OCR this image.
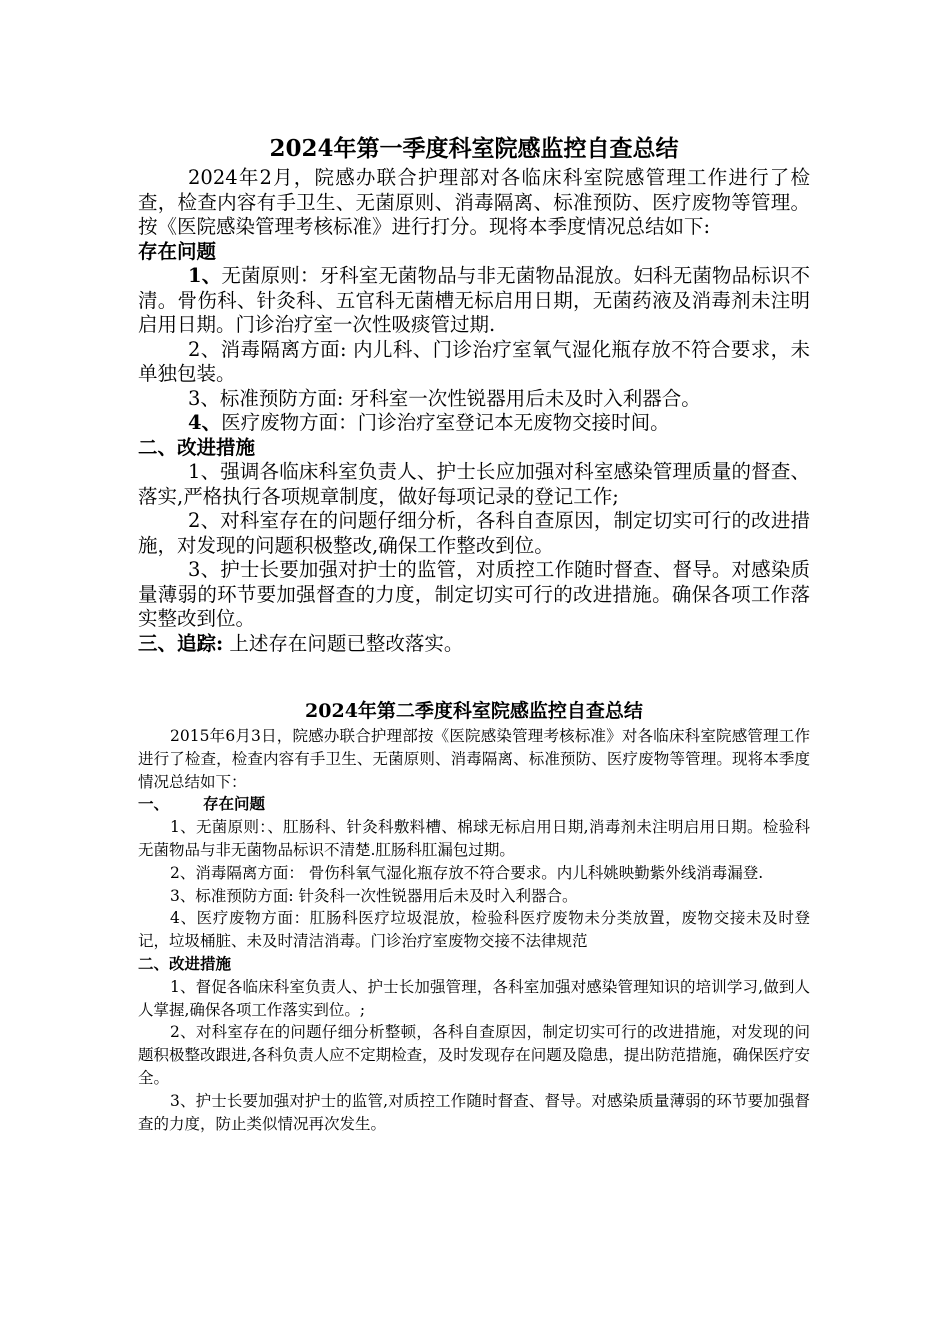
2024年第一季度科室院感监控自查总结

2024年2月，院感办联合护理部对各临床科室院感管理工作进行了检查，检查内容有手卫生、无菌原则、消毒隔离、标准预防、医疗废物等管理。按《医院感染管理考核标准》进行打分。现将本季度情况总结如下:

存在问题

1、无菌原则：牙科室无菌物品与非无菌物品混放。妇科无菌物品标识不清。骨伤科、针灸科、五官科无菌槽无标启用日期，无菌药液及消毒剂未注明启用日期。门诊治疗室一次性吸痰管过期.

2、消毒隔离方面: 内儿科、门诊治疗室氧气湿化瓶存放不符合要求，未单独包装。

3、标准预防方面: 牙科室一次性锐器用后未及时入利器合。

4、医疗废物方面：门诊治疗室登记本无废物交接时间。

二、改进措施

1、强调各临床科室负责人、护士长应加强对科室感染管理质量的督查、落实,严格执行各项规章制度，做好每项记录的登记工作;

2、对科室存在的问题仔细分析，各科自查原因，制定切实可行的改进措施，对发现的问题积极整改,确保工作整改到位。

3、护士长要加强对护士的监管，对质控工作随时督查、督导。对感染质量薄弱的环节要加强督查的力度，制定切实可行的改进措施。确保各项工作落实整改到位。

三、追踪: 上述存在问题已整改落实。

2024年第二季度科室院感监控自查总结

2015年6月3日，院感办联合护理部按《医院感染管理考核标准》对各临床科室院感管理工作进行了检查，检查内容有手卫生、无菌原则、消毒隔离、标准预防、医疗废物等管理。现将本季度情况总结如下：

一、 存在问题

1、无菌原则：、肛肠科、针灸科敷料槽、棉球无标启用日期,消毒剂未注明启用日期。检验科无菌物品与非无菌物品标识不清楚.肛肠科肛漏包过期。

2、消毒隔离方面： 骨伤科氧气湿化瓶存放不符合要求。内儿科姚映勤紫外线消毒漏登.

3、标准预防方面: 针灸科一次性锐器用后未及时入利器合。

4、医疗废物方面：肛肠科医疗垃圾混放，检验科医疗废物未分类放置，废物交接未及时登记，垃圾桶脏、未及时清洁消毒。门诊治疗室废物交接不法律规范

二、改进措施

1、督促各临床科室负责人、护士长加强管理，各科室加强对感染管理知识的培训学习,做到人人掌握,确保各项工作落实到位。;

2、对科室存在的问题仔细分析整顿，各科自查原因，制定切实可行的改进措施，对发现的问题积极整改跟进,各科负责人应不定期检查，及时发现存在问题及隐患，提出防范措施，确保医疗安全。

3、护士长要加强对护士的监管,对质控工作随时督查、督导。对感染质量薄弱的环节要加强督查的力度，防止类似情况再次发生。
